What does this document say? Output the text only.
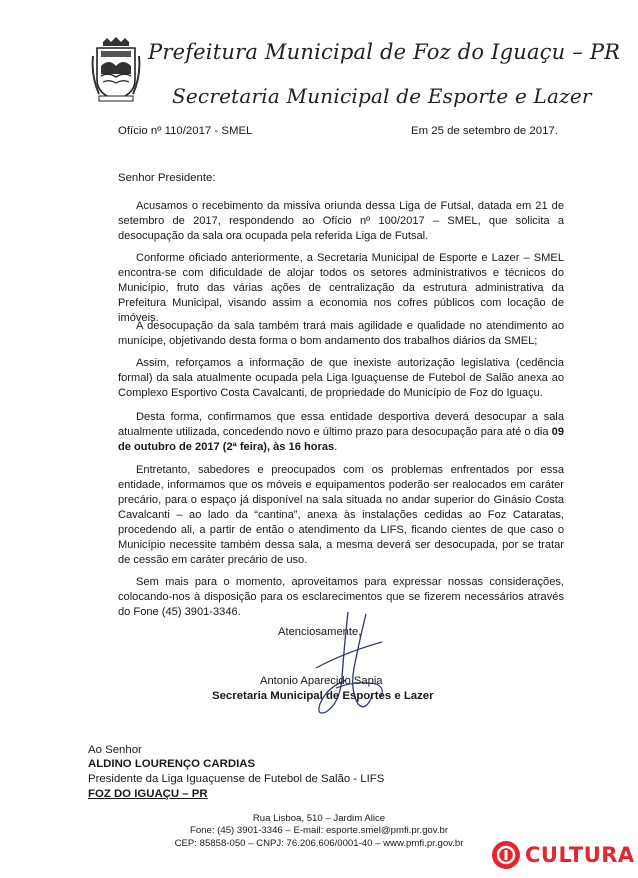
Prefeitura Municipal de Foz do Iguaçu – PR
Secretaria Municipal de Esporte e Lazer
Ofício nº 110/2017 - SMEL	Em 25 de setembro de 2017.
Senhor Presidente:

Acusamos o recebimento da missiva oriunda dessa Liga de Futsal, datada em 21 de setembro de 2017, respondendo ao Ofício nº 100/2017 – SMEL, que solicita a desocupação da sala ora ocupada pela referida Liga de Futsal.

Conforme oficiado anteriormente, a Secretaria Municipal de Esporte e Lazer – SMEL encontra-se com dificuldade de alojar todos os setores administrativos e técnicos do Município, fruto das várias ações de centralização da estrutura administrativa da Prefeitura Municipal, visando assim a economia nos cofres públicos com locação de imóveis.

A desocupação da sala também trará mais agilidade e qualidade no atendimento ao munícipe, objetivando desta forma o bom andamento dos trabalhos diários da SMEL;

Assim, reforçamos a informação de que inexiste autorização legislativa (cedência formal) da sala atualmente ocupada pela Liga Iguaçuense de Futebol de Salão anexa ao Complexo Esportivo Costa Cavalcanti, de propriedade do Município de Foz do Iguaçu.

Desta forma, confirmamos que essa entidade desportiva deverá desocupar a sala atualmente utilizada, concedendo novo e último prazo para desocupação para até o dia 09 de outubro de 2017 (2ª feira), às 16 horas.

Entretanto, sabedores e preocupados com os problemas enfrentados por essa entidade, informamos que os móveis e equipamentos poderão ser realocados em caráter precário, para o espaço já disponível na sala situada no andar superior do Ginásio Costa Cavalcanti – ao lado da “cantina”, anexa às instalações cedidas ao Foz Cataratas, procedendo ali, a partir de então o atendimento da LIFS, ficando cientes de que caso o Município necessite também dessa sala, a mesma deverá ser desocupada, por se tratar de cessão em caráter precário de uso.

Sem mais para o momento, aproveitamos para expressar nossas considerações, colocando-nos à disposição para os esclarecimentos que se fizerem necessários através do Fone (45) 3901-3346.

Atenciosamente,
Antonio Aparecido Sapia
Secretaria Municipal de Esportes e Lazer
Ao Senhor
ALDINO LOURENÇO CARDIAS
Presidente da Liga Iguaçuense de Futebol de Salão - LIFS
FOZ DO IGUAÇU – PR
Rua Lisboa, 510 – Jardim Alice
Fone: (45) 3901-3346 – E-mail: esporte.smel@pmfi.pr.gov.br
CEP: 85858-050 – CNPJ: 76.206.606/0001-40 – www.pmfi.pr.gov.br	CULTURA
